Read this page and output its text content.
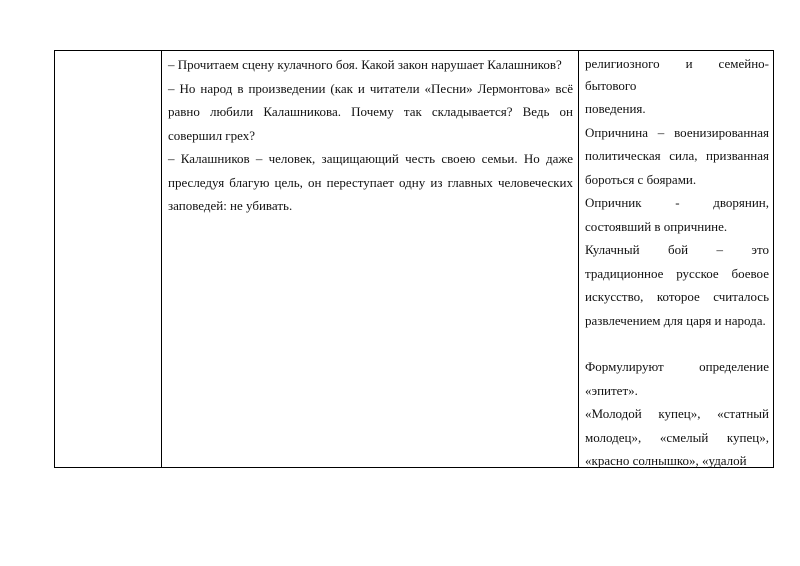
– Прочитаем сцену кулачного боя. Какой закон нарушает Калашников?

– Но народ в произведении (как и читатели «Песни» Лермонтова» всё равно любили Калашникова. Почему так складывается? Ведь он совершил грех?

– Калашников – человек, защищающий честь своею семьи. Но даже преследуя благую цель, он переступает одну из главных человеческих заповедей: не убивать.

религиозного и семейно-бытового

поведения.

Опричнина – военизированная политическая сила, призванная бороться с боярами.

Опричник - дворянин, состоявший в опричнине.

Кулачный бой – это традиционное русское боевое искусство, которое считалось развлечением для царя и народа.

Формулируют определение «эпитет».

«Молодой купец», «статный молодец», «смелый купец», «красно солнышко», «удалой
